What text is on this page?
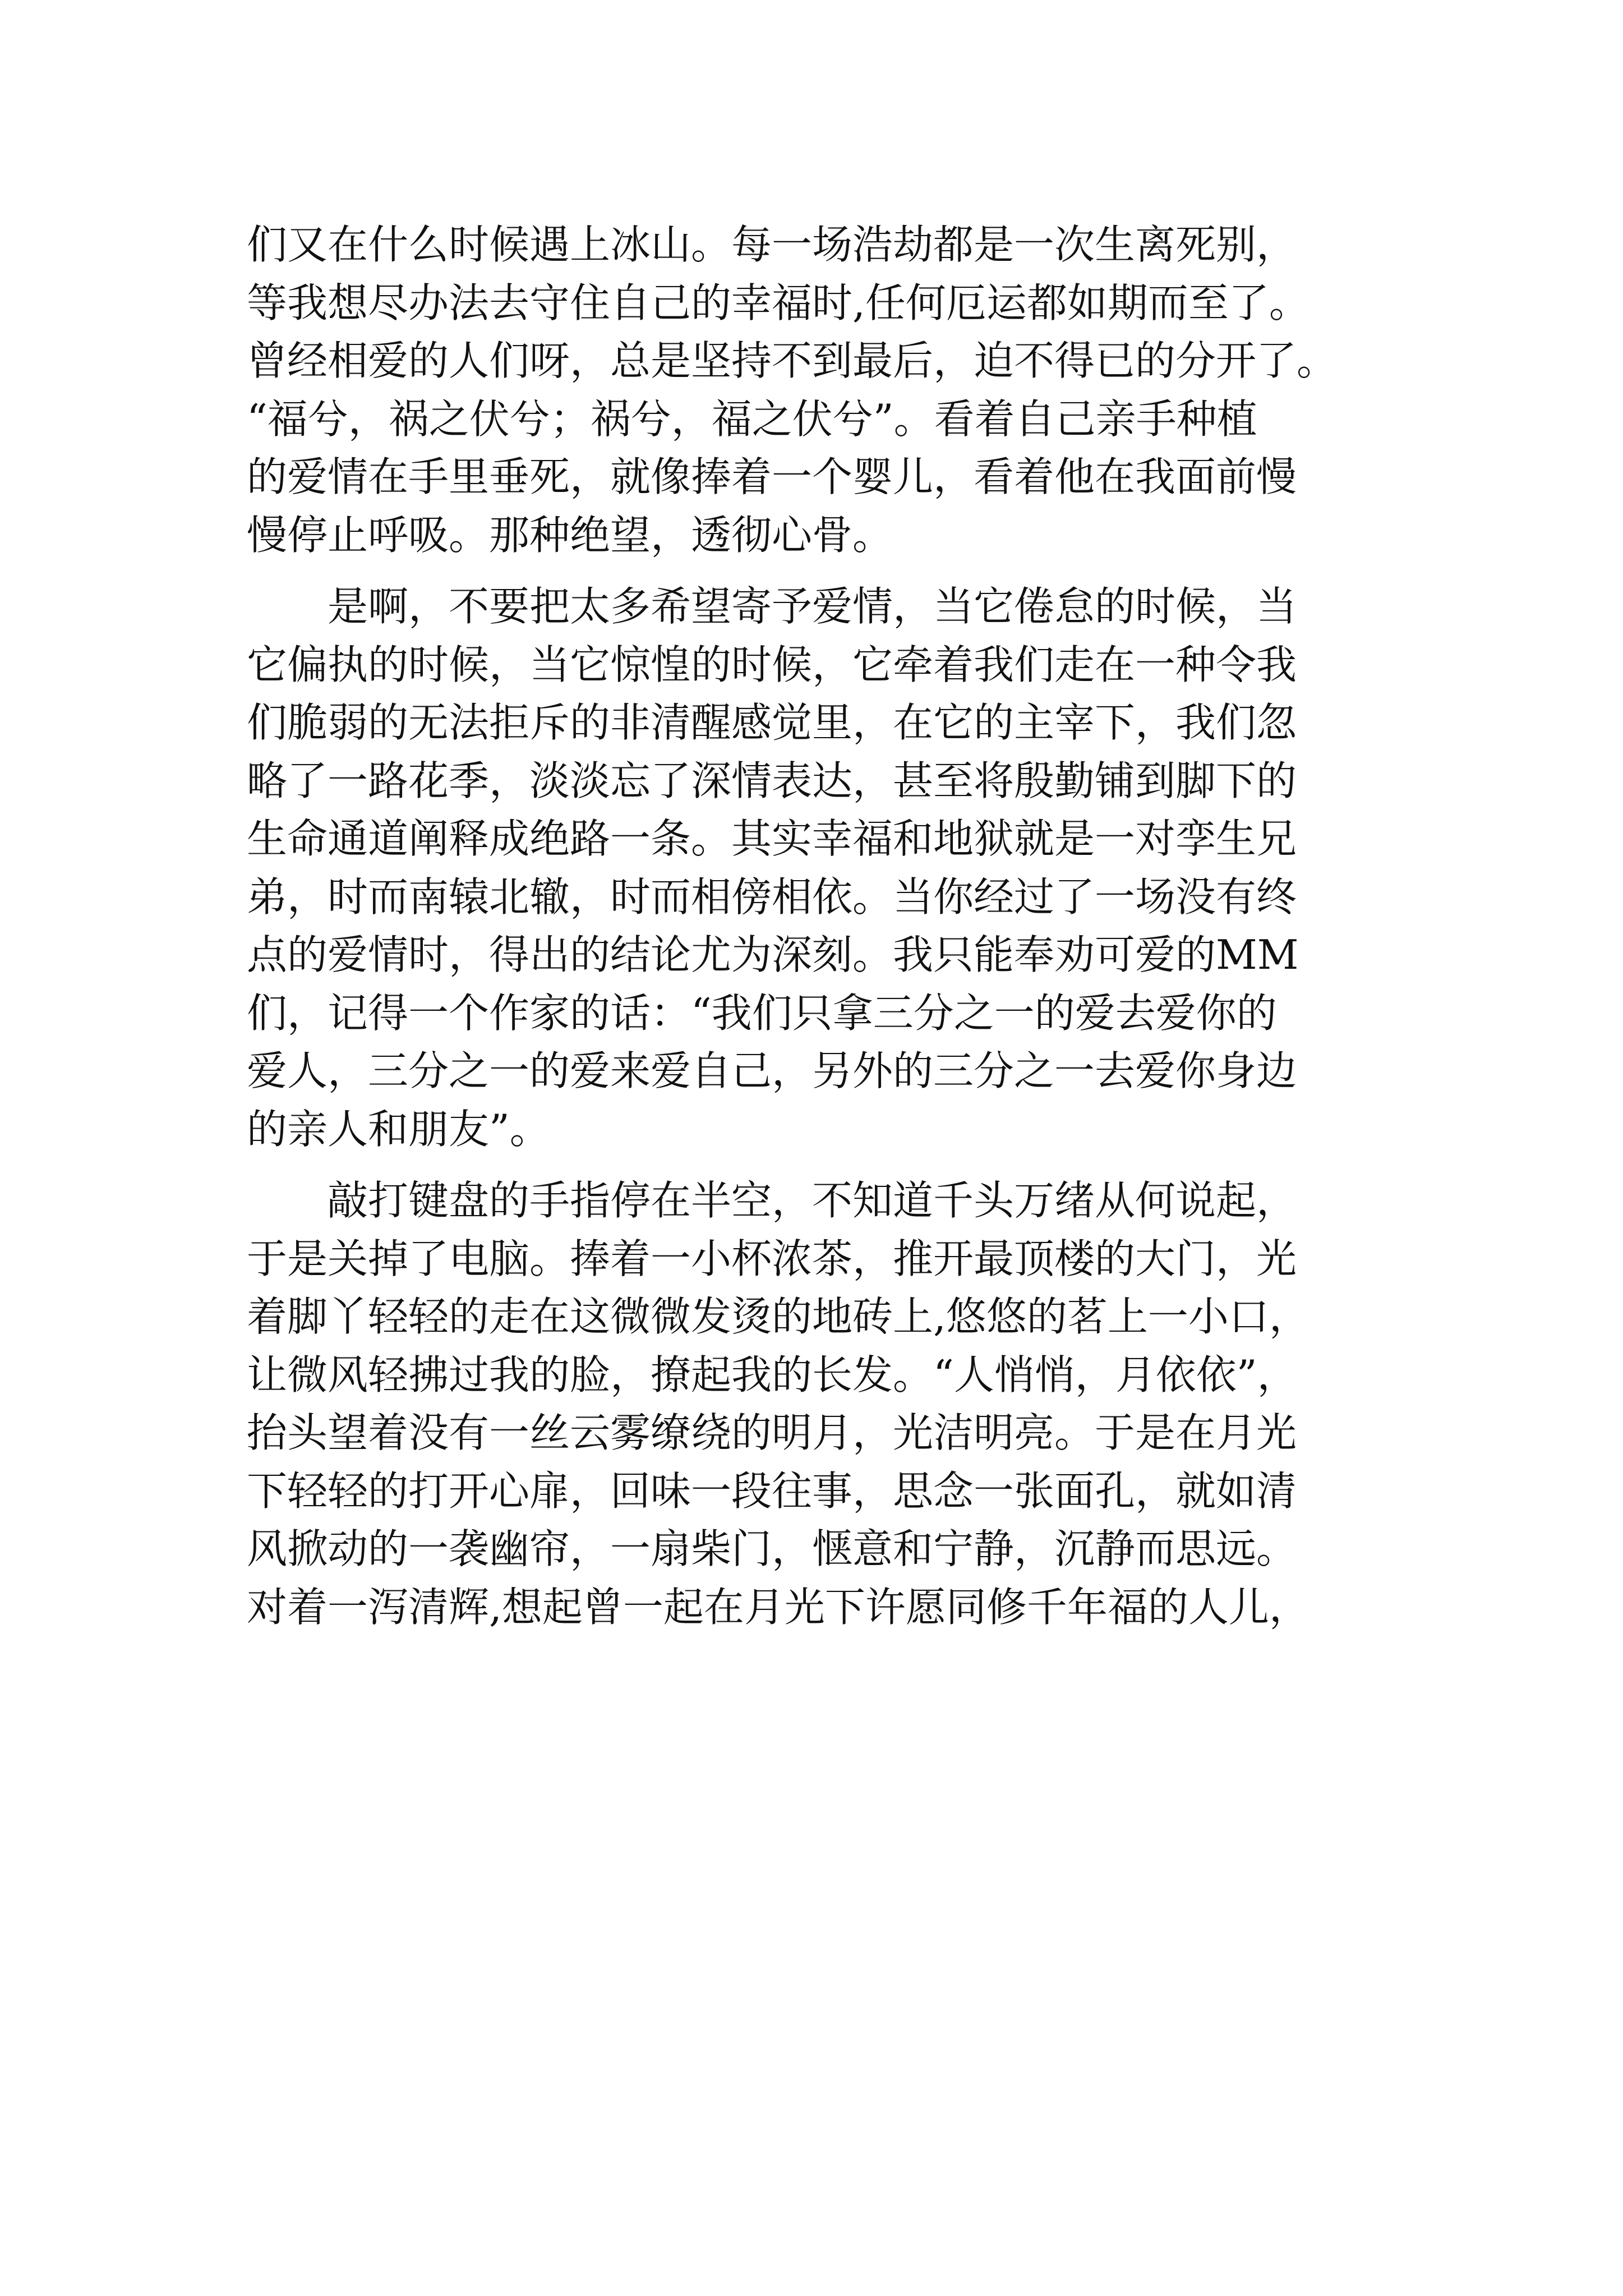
们又在什么时候遇上冰山。每一场浩劫都是一次生离死别，
等我想尽办法去守住自己的幸福时,任何厄运都如期而至了。
曾经相爱的人们呀，总是坚持不到最后，迫不得已的分开了。
“福兮，祸之伏兮；祸兮，福之伏兮”。看着自己亲手种植
的爱情在手里垂死，就像捧着一个婴儿，看着他在我面前慢
慢停止呼吸。那种绝望，透彻心骨。
　　是啊，不要把太多希望寄予爱情，当它倦怠的时候，当
它偏执的时候，当它惊惶的时候，它牵着我们走在一种令我
们脆弱的无法拒斥的非清醒感觉里，在它的主宰下，我们忽
略了一路花季，淡淡忘了深情表达，甚至将殷勤铺到脚下的
生命通道阐释成绝路一条。其实幸福和地狱就是一对孪生兄
弟，时而南辕北辙，时而相傍相依。当你经过了一场没有终
点的爱情时，得出的结论尤为深刻。我只能奉劝可爱的MM
们，记得一个作家的话：“我们只拿三分之一的爱去爱你的
爱人，三分之一的爱来爱自己，另外的三分之一去爱你身边
的亲人和朋友”。
　　敲打键盘的手指停在半空，不知道千头万绪从何说起，
于是关掉了电脑。捧着一小杯浓茶，推开最顶楼的大门，光
着脚丫轻轻的走在这微微发烫的地砖上,悠悠的茗上一小口，
让微风轻拂过我的脸，撩起我的长发。“人悄悄，月依依”，
抬头望着没有一丝云雾缭绕的明月，光洁明亮。于是在月光
下轻轻的打开心扉，回味一段往事，思念一张面孔，就如清
风掀动的一袭幽帘，一扇柴门，惬意和宁静，沉静而思远。
对着一泻清辉,想起曾一起在月光下许愿同修千年福的人儿，
